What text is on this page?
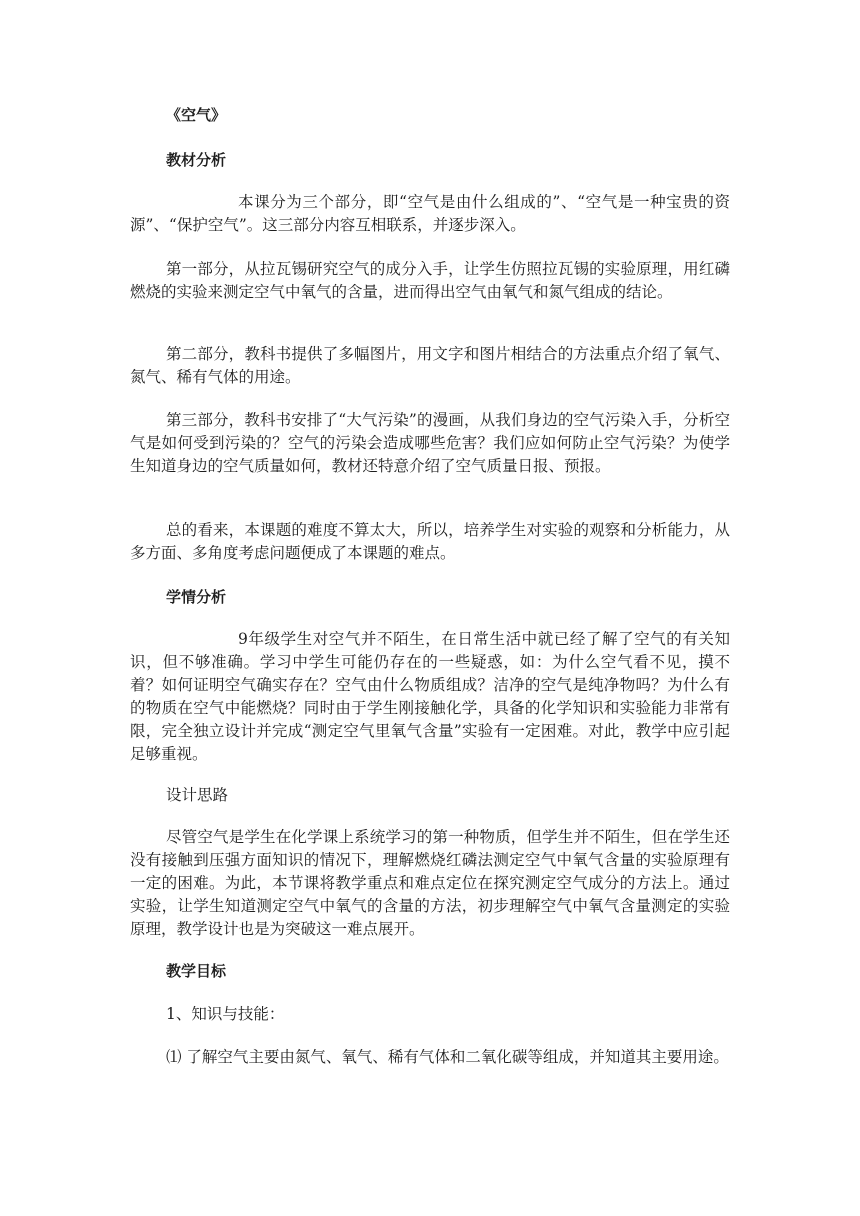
《空气》

教材分析

本课分为三个部分，即“空气是由什么组成的”、“空气是一种宝贵的资源”、“保护空气”。这三部分内容互相联系，并逐步深入。

第一部分，从拉瓦锡研究空气的成分入手，让学生仿照拉瓦锡的实验原理，用红磷燃烧的实验来测定空气中氧气的含量，进而得出空气由氧气和氮气组成的结论。

第二部分，教科书提供了多幅图片，用文字和图片相结合的方法重点介绍了氧气、氮气、稀有气体的用途。

第三部分，教科书安排了“大气污染”的漫画，从我们身边的空气污染入手，分析空气是如何受到污染的？空气的污染会造成哪些危害？我们应如何防止空气污染？为使学生知道身边的空气质量如何，教材还特意介绍了空气质量日报、预报。

总的看来，本课题的难度不算太大，所以，培养学生对实验的观察和分析能力，从多方面、多角度考虑问题便成了本课题的难点。

学情分析

9年级学生对空气并不陌生，在日常生活中就已经了解了空气的有关知识，但不够准确。学习中学生可能仍存在的一些疑惑，如：为什么空气看不见，摸不着？如何证明空气确实存在？空气由什么物质组成？洁净的空气是纯净物吗？为什么有的物质在空气中能燃烧？同时由于学生刚接触化学，具备的化学知识和实验能力非常有限，完全独立设计并完成“测定空气里氧气含量”实验有一定困难。对此，教学中应引起足够重视。

设计思路

尽管空气是学生在化学课上系统学习的第一种物质，但学生并不陌生，但在学生还没有接触到压强方面知识的情况下，理解燃烧红磷法测定空气中氧气含量的实验原理有一定的困难。为此，本节课将教学重点和难点定位在探究测定空气成分的方法上。通过实验，让学生知道测定空气中氧气的含量的方法，初步理解空气中氧气含量测定的实验原理，教学设计也是为突破这一难点展开。

教学目标

1、知识与技能：

⑴ 了解空气主要由氮气、氧气、稀有气体和二氧化碳等组成，并知道其主要用途。
